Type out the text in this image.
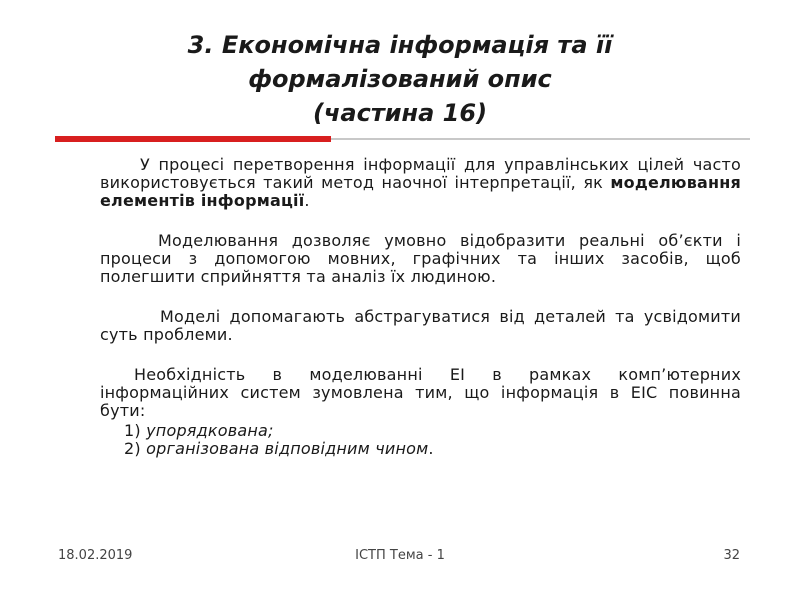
3. Економічна інформація та її
формалізований опис
(частина 16)

У процесі перетворення інформації для управлінських цілей часто використовується такий метод наочної інтерпретації, як моделювання елементів інформації.

Моделювання дозволяє умовно відобразити реальні об’єкти і процеси з допомогою мовних, графічних та інших засобів, щоб полегшити сприйняття та аналіз їх людиною.

Моделі допомагають абстрагуватися від деталей та усвідомити суть проблеми.

Необхідність в моделюванні ЕІ в рамках комп’ютерних інформаційних систем зумовлена тим, що інформація в ЕІС повинна бути:

1) упорядкована;
2) організована відповідним чином.
18.02.2019	ІСТП Тема - 1	32
